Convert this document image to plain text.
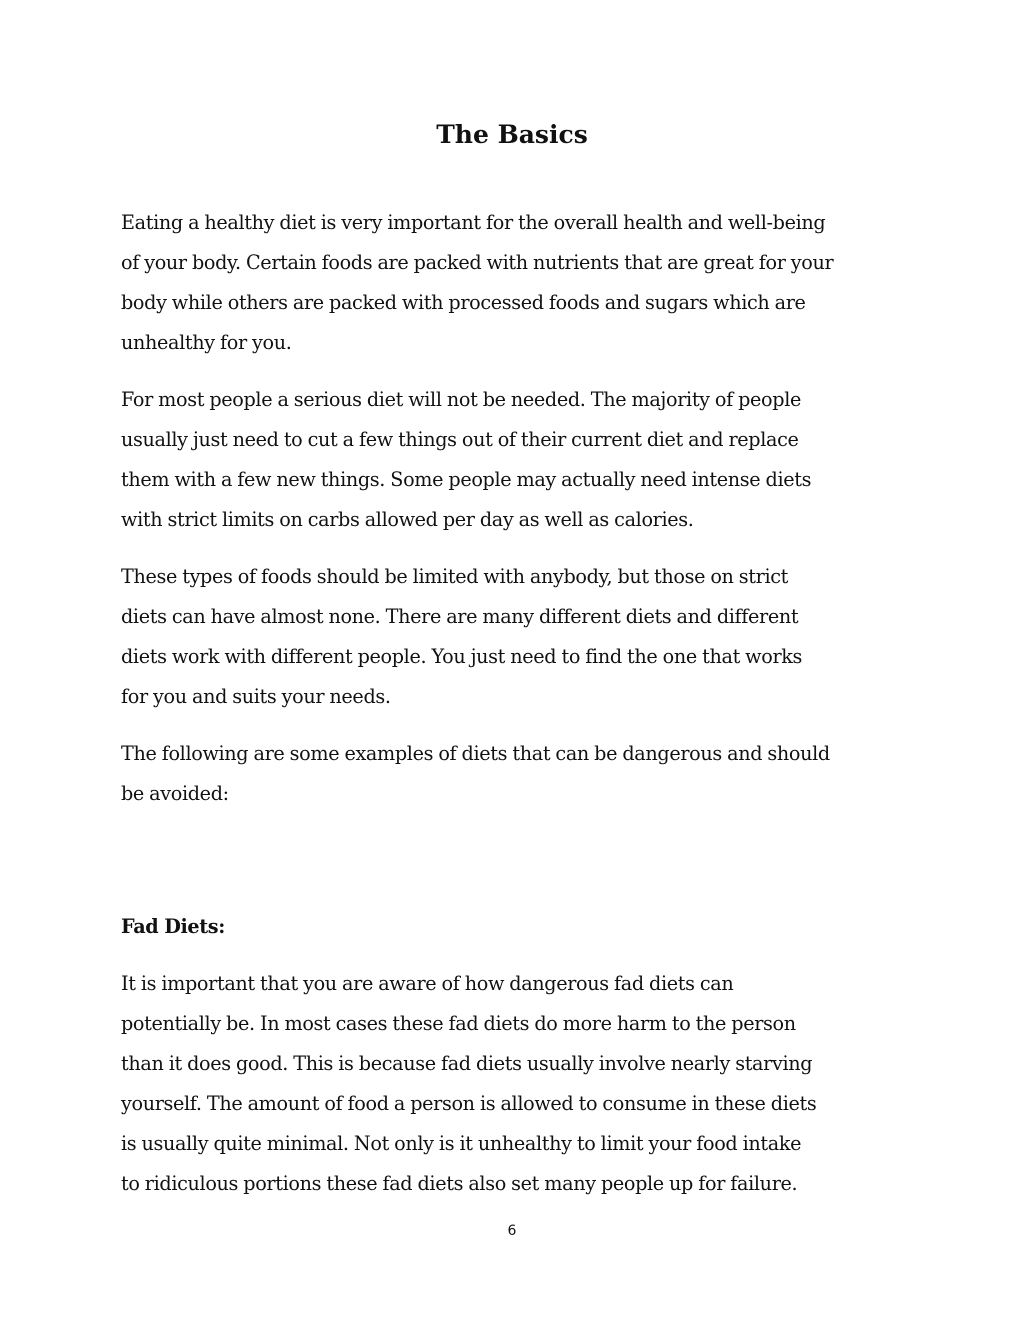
The Basics

Eating a healthy diet is very important for the overall health and well-being
of your body. Certain foods are packed with nutrients that are great for your
body while others are packed with processed foods and sugars which are
unhealthy for you.

For most people a serious diet will not be needed. The majority of people
usually just need to cut a few things out of their current diet and replace
them with a few new things. Some people may actually need intense diets
with strict limits on carbs allowed per day as well as calories.

These types of foods should be limited with anybody, but those on strict
diets can have almost none. There are many different diets and different
diets work with different people. You just need to find the one that works
for you and suits your needs.

The following are some examples of diets that can be dangerous and should
be avoided:

Fad Diets:

It is important that you are aware of how dangerous fad diets can
potentially be. In most cases these fad diets do more harm to the person
than it does good. This is because fad diets usually involve nearly starving
yourself. The amount of food a person is allowed to consume in these diets
is usually quite minimal. Not only is it unhealthy to limit your food intake
to ridiculous portions these fad diets also set many people up for failure.

6
